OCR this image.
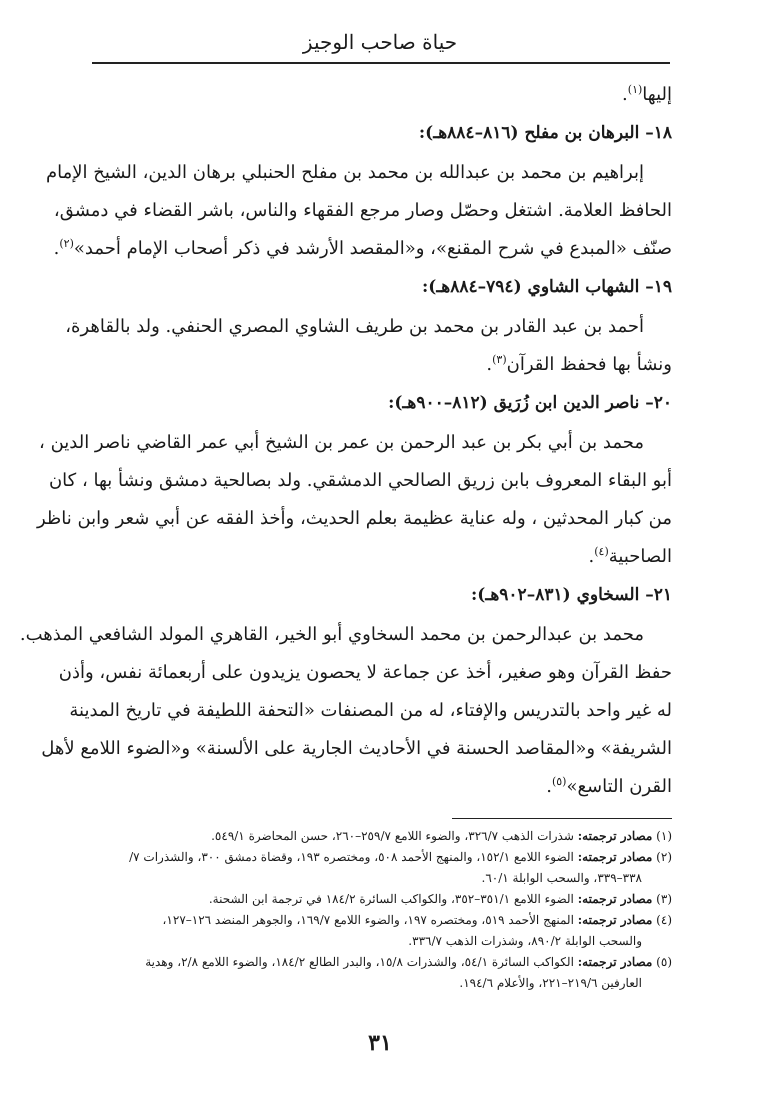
حياة صاحب الوجيز

إليها$^{(١)}$.

١٨– البرهان بن مفلح (٨١٦–٨٨٤هـ):

إبراهيم بن محمد بن عبدالله بن محمد بن مفلح الحنبلي برهان الدين، الشيخ الإمام
الحافظ العلامة. اشتغل وحصّل وصار مرجع الفقهاء والناس، باشر القضاء في دمشق،
صنّف «المبدع في شرح المقنع»، و«المقصد الأرشد في ذكر أصحاب الإمام أحمد»$^{(٢)}$.

١٩– الشهاب الشاوي (٧٩٤–٨٨٤هـ):

أحمد بن عبد القادر بن محمد بن طريف الشاوي المصري الحنفي. ولد بالقاهرة،
ونشأ بها فحفظ القرآن$^{(٣)}$.

٢٠– ناصر الدين ابن زُرَيق (٨١٢–٩٠٠هـ):

محمد بن أبي بكر بن عبد الرحمن بن عمر بن الشيخ أبي عمر القاضي ناصر الدين ،
أبو البقاء المعروف بابن زريق الصالحي الدمشقي. ولد بصالحية دمشق ونشأ بها ، كان
من كبار المحدثين ، وله عناية عظيمة بعلم الحديث، وأخذ الفقه عن أبي شعر وابن ناظر
الصاحبية$^{(٤)}$.

٢١– السخاوي (٨٣١–٩٠٢هـ):

محمد بن عبدالرحمن بن محمد السخاوي أبو الخير، القاهري المولد الشافعي المذهب.
حفظ القرآن وهو صغير، أخذ عن جماعة لا يحصون يزيدون على أربعمائة نفس، وأذن
له غير واحد بالتدريس والإفتاء، له من المصنفات «التحفة اللطيفة في تاريخ المدينة
الشريفة» و«المقاصد الحسنة في الأحاديث الجارية على الألسنة» و«الضوء اللامع لأهل
القرن التاسع»$^{(٥)}$.

(١) مصادر ترجمته: شذرات الذهب ٣٢٦/٧، والضوء اللامع ٢٥٩/٧–٢٦٠، حسن المحاضرة ٥٤٩/١.
(٢) مصادر ترجمته: الضوء اللامع ١٥٢/١، والمنهج الأحمد ٥٠٨، ومختصره ١٩٣، وقضاة دمشق ٣٠٠، والشذرات ٧/
٣٣٨–٣٣٩، والسحب الوابلة ٦٠/١.
(٣) مصادر ترجمته: الضوء اللامع ٣٥١/١–٣٥٢، والكواكب السائرة ١٨٤/٢ في ترجمة ابن الشحنة.
(٤) مصادر ترجمته: المنهج الأحمد ٥١٩، ومختصره ١٩٧، والضوء اللامع ١٦٩/٧، والجوهر المنضد ١٢٦–١٢٧،
والسحب الوابلة ٨٩٠/٢، وشذرات الذهب ٣٣٦/٧.
(٥) مصادر ترجمته: الكواكب السائرة ٥٤/١، والشذرات ١٥/٨، والبدر الطالع ١٨٤/٢، والضوء اللامع ٢/٨، وهدية
العارفين ٢١٩/٦–٢٢١، والأعلام ١٩٤/٦.
٣١
